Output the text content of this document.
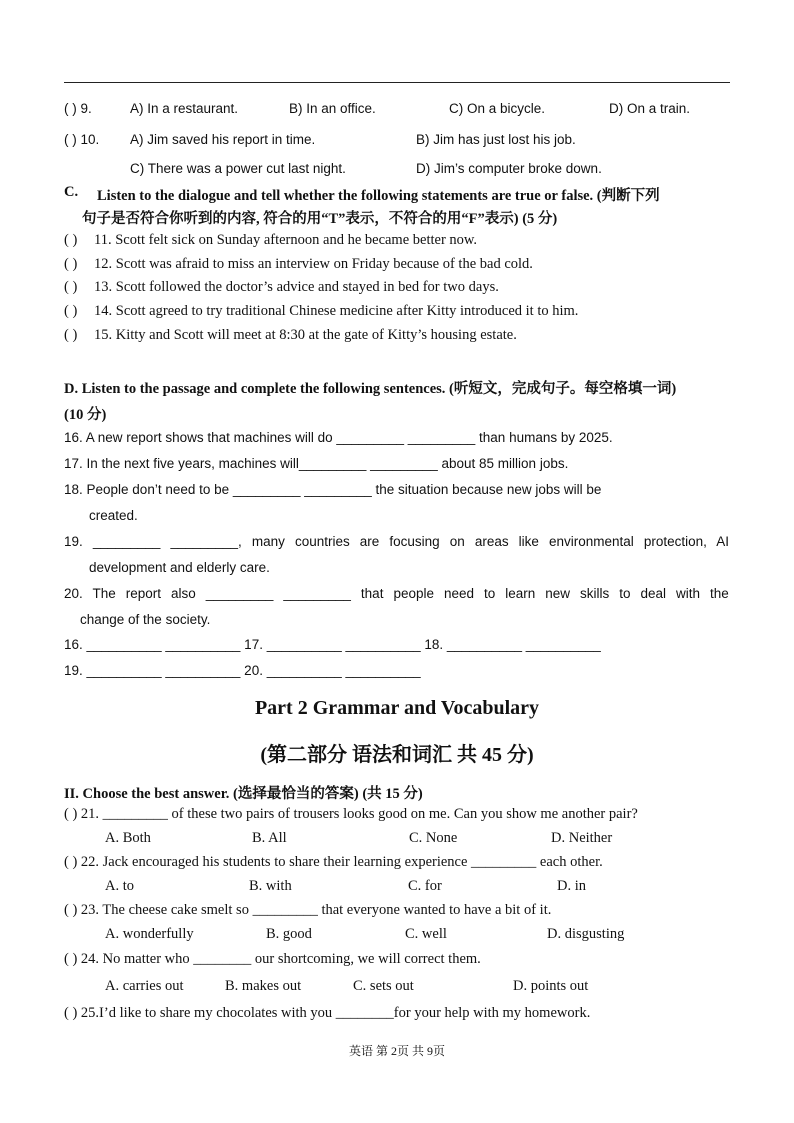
( ) 9.	A) In a restaurant.	B) In an office.	C) On a bicycle.	D) On a train.
( ) 10. A) Jim saved his report in time.	B) Jim has just lost his job.
C) There was a power cut last night.	D) Jim’s computer broke down.
C. Listen to the dialogue and tell whether the following statements are true or false. (判断下列
句子是否符合你听到的内容, 符合的用“T”表示，不符合的用“F”表示) (5 分)
( ) 11. Scott felt sick on Sunday afternoon and he became better now.
( ) 12. Scott was afraid to miss an interview on Friday because of the bad cold.
( ) 13. Scott followed the doctor’s advice and stayed in bed for two days.
( ) 14. Scott agreed to try traditional Chinese medicine after Kitty introduced it to him.
( ) 15. Kitty and Scott will meet at 8:30 at the gate of Kitty’s housing estate.
D. Listen to the passage and complete the following sentences. (听短文，完成句子。每空格填一词)
(10 分)
16. A new report shows that machines will do _________ _________ than humans by 2025.
17. In the next five years, machines will_________ _________ about 85 million jobs.
18. People don’t need to be _________ _________ the situation because new jobs will be
created.
19. _________ _________, many countries are focusing on areas like environmental protection, AI
development and elderly care.
20. The report also _________ _________ that people need to learn new skills to deal with the
change of the society.
16. __________ __________ 17. __________ __________ 18. __________ __________
19. __________ __________ 20. __________ __________
Part 2 Grammar and Vocabulary
(第二部分 语法和词汇 共 45 分)
II. Choose the best answer. (选择最恰当的答案) (共 15 分)
( ) 21. _________ of these two pairs of trousers looks good on me. Can you show me another pair?
A. Both	B. All	C. None	D. Neither
( ) 22. Jack encouraged his students to share their learning experience _________ each other.
A. to	B. with	C. for	D. in
( ) 23. The cheese cake smelt so _________ that everyone wanted to have a bit of it.
A. wonderfully	B. good	C. well	D. disgusting
( ) 24. No matter who ________ our shortcoming, we will correct them.
A. carries out	B. makes out	C. sets out	D. points out
( ) 25.I’d like to share my chocolates with you ________for your help with my homework.
英语 第 2页 共 9页
